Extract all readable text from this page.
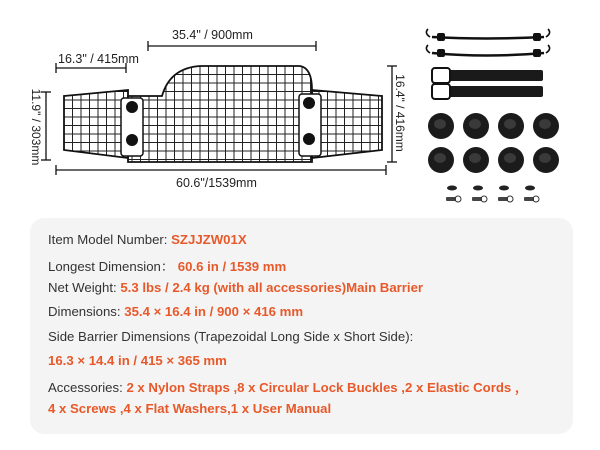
35.4" / 900mm
16.3" / 415mm
11.9" / 303mm	16.4" / 416mm
60.6"/1539mm
Item Model Number: SZJJZW01X
Longest Dimension： 60.6 in / 1539 mm
Net Weight: 5.3 lbs / 2.4 kg (with all accessories)Main Barrier
Dimensions: 35.4 × 16.4 in / 900 × 416 mm
Side Barrier Dimensions (Trapezoidal Long Side x Short Side):
16.3 × 14.4 in / 415 × 365 mm
Accessories: 2 x Nylon Straps ,8 x Circular Lock Buckles ,2 x Elastic Cords ，
4 x Screws ,4 x Flat Washers,1 x User Manual
